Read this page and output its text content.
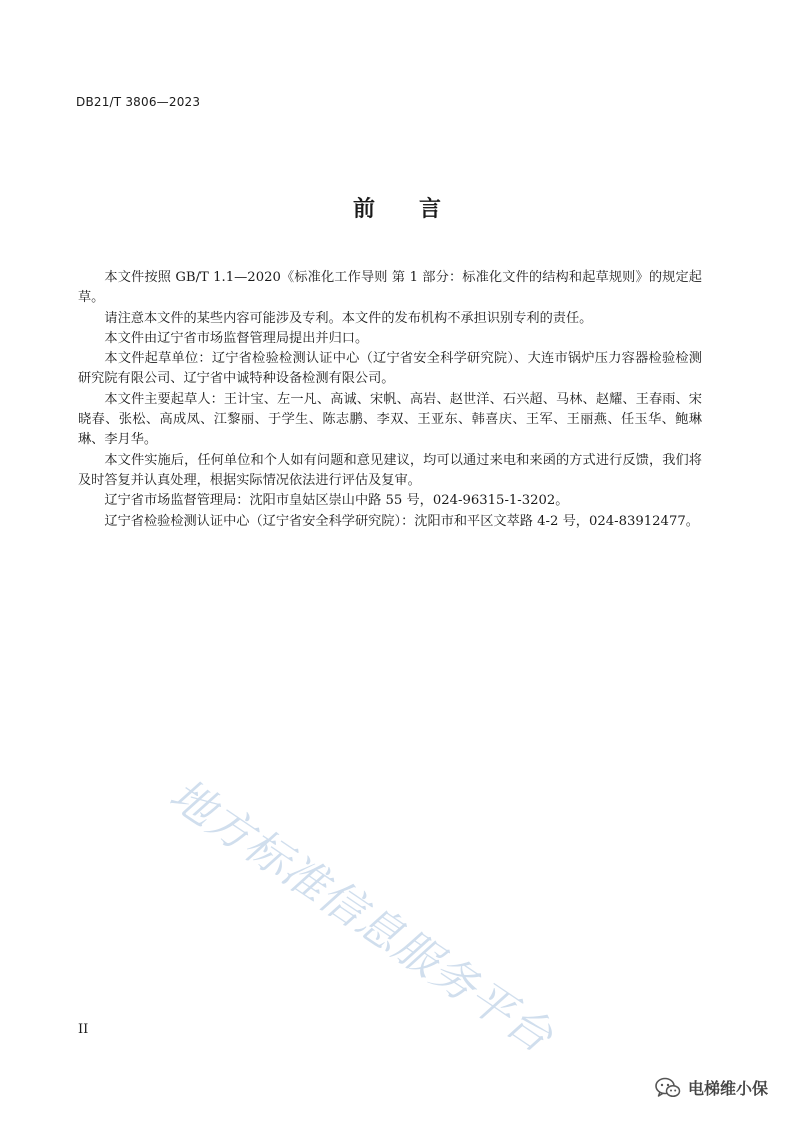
DB21/T 3806—2023
前 言

本文件按照 GB/T 1.1—2020《标准化工作导则 第 1 部分：标准化文件的结构和起草规则》的规定起草。

请注意本文件的某些内容可能涉及专利。本文件的发布机构不承担识别专利的责任。

本文件由辽宁省市场监督管理局提出并归口。

本文件起草单位：辽宁省检验检测认证中心（辽宁省安全科学研究院）、大连市锅炉压力容器检验检测研究院有限公司、辽宁省中诚特种设备检测有限公司。

本文件主要起草人：王计宝、左一凡、高诚、宋帆、高岩、赵世洋、石兴超、马林、赵耀、王春雨、宋晓春、张松、高成凤、江黎丽、于学生、陈志鹏、李双、王亚东、韩喜庆、王军、王丽燕、任玉华、鲍琳琳、李月华。

本文件实施后，任何单位和个人如有问题和意见建议，均可以通过来电和来函的方式进行反馈，我们将及时答复并认真处理，根据实际情况依法进行评估及复审。

辽宁省市场监督管理局：沈阳市皇姑区崇山中路 55 号，024-96315-1-3202。

辽宁省检验检测认证中心（辽宁省安全科学研究院）：沈阳市和平区文萃路 4-2 号，024-83912477。

地方标准信息服务平台
II
电梯维小保
